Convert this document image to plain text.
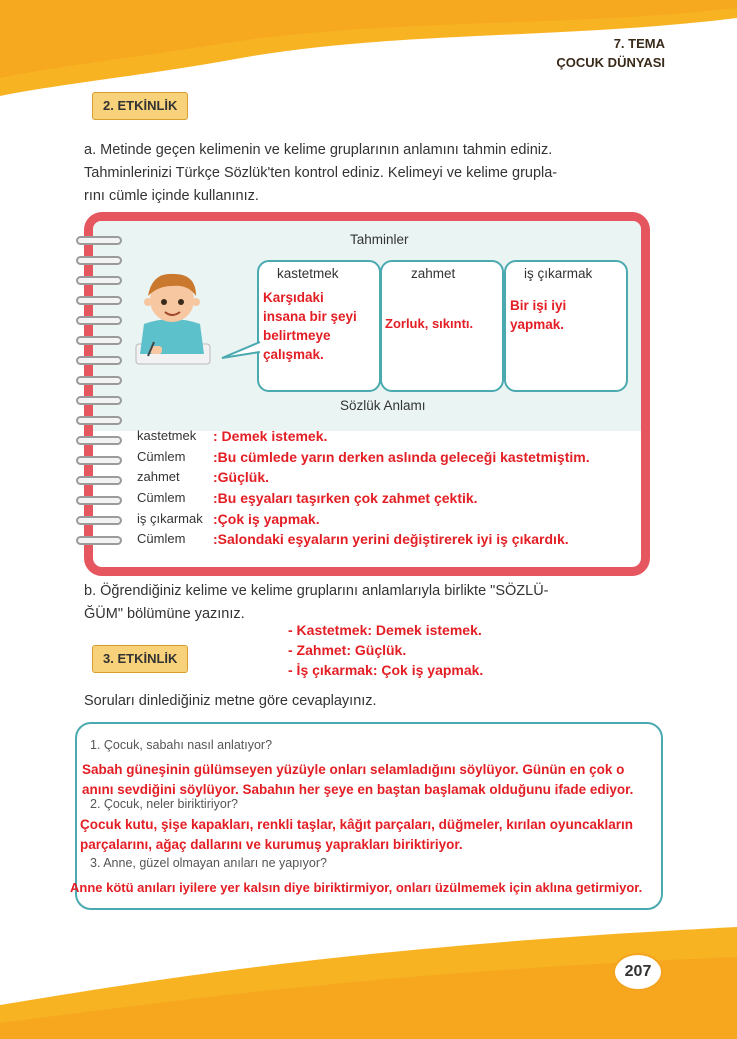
7. TEMA
ÇOCUK DÜNYASI
2. ETKİNLİK
a. Metinde geçen kelimenin ve kelime gruplarının anlamını tahmin ediniz.
Tahminlerinizi Türkçe Sözlük'ten kontrol ediniz. Kelimeyi ve kelime grupla-
rını cümle içinde kullanınız.
Tahminler
kastetmek	zahmet	iş çıkarmak
Karşıdaki
insana bir şeyi
belirtmeye
çalışmak.
Zorluk, sıkıntı.
Bir işi iyi
yapmak.
Sözlük Anlamı
kastetmek	: Demek istemek.
Cümlem	:Bu cümlede yarın derken aslında geleceği kastetmiştim.
zahmet	:Güçlük.
Cümlem	:Bu eşyaları taşırken çok zahmet çektik.
iş çıkarmak :Çok iş yapmak.
Cümlem	:Salondaki eşyaların yerini değiştirerek iyi iş çıkardık.
b. Öğrendiğiniz kelime ve kelime gruplarını anlamlarıyla birlikte "SÖZLÜ-
ĞÜM" bölümüne yazınız.
- Kastetmek: Demek istemek.
- Zahmet: Güçlük.
- İş çıkarmak: Çok iş yapmak.
3. ETKİNLİK
Soruları dinlediğiniz metne göre cevaplayınız.
1. Çocuk, sabahı nasıl anlatıyor?
Sabah güneşinin gülümseyen yüzüyle onları selamladığını söylüyor. Günün en çok o
anını sevdiğini söylüyor. Sabahın her şeye en baştan başlamak olduğunu ifade ediyor.
2. Çocuk, neler biriktiriyor?
Çocuk kutu, şişe kapakları, renkli taşlar, kâğıt parçaları, düğmeler, kırılan oyuncakların
parçalarını, ağaç dallarını ve kurumuş yaprakları biriktiriyor.
3. Anne, güzel olmayan anıları ne yapıyor?
Anne kötü anıları iyilere yer kalsın diye biriktirmiyor, onları üzülmemek için aklına getirmiyor.
207
